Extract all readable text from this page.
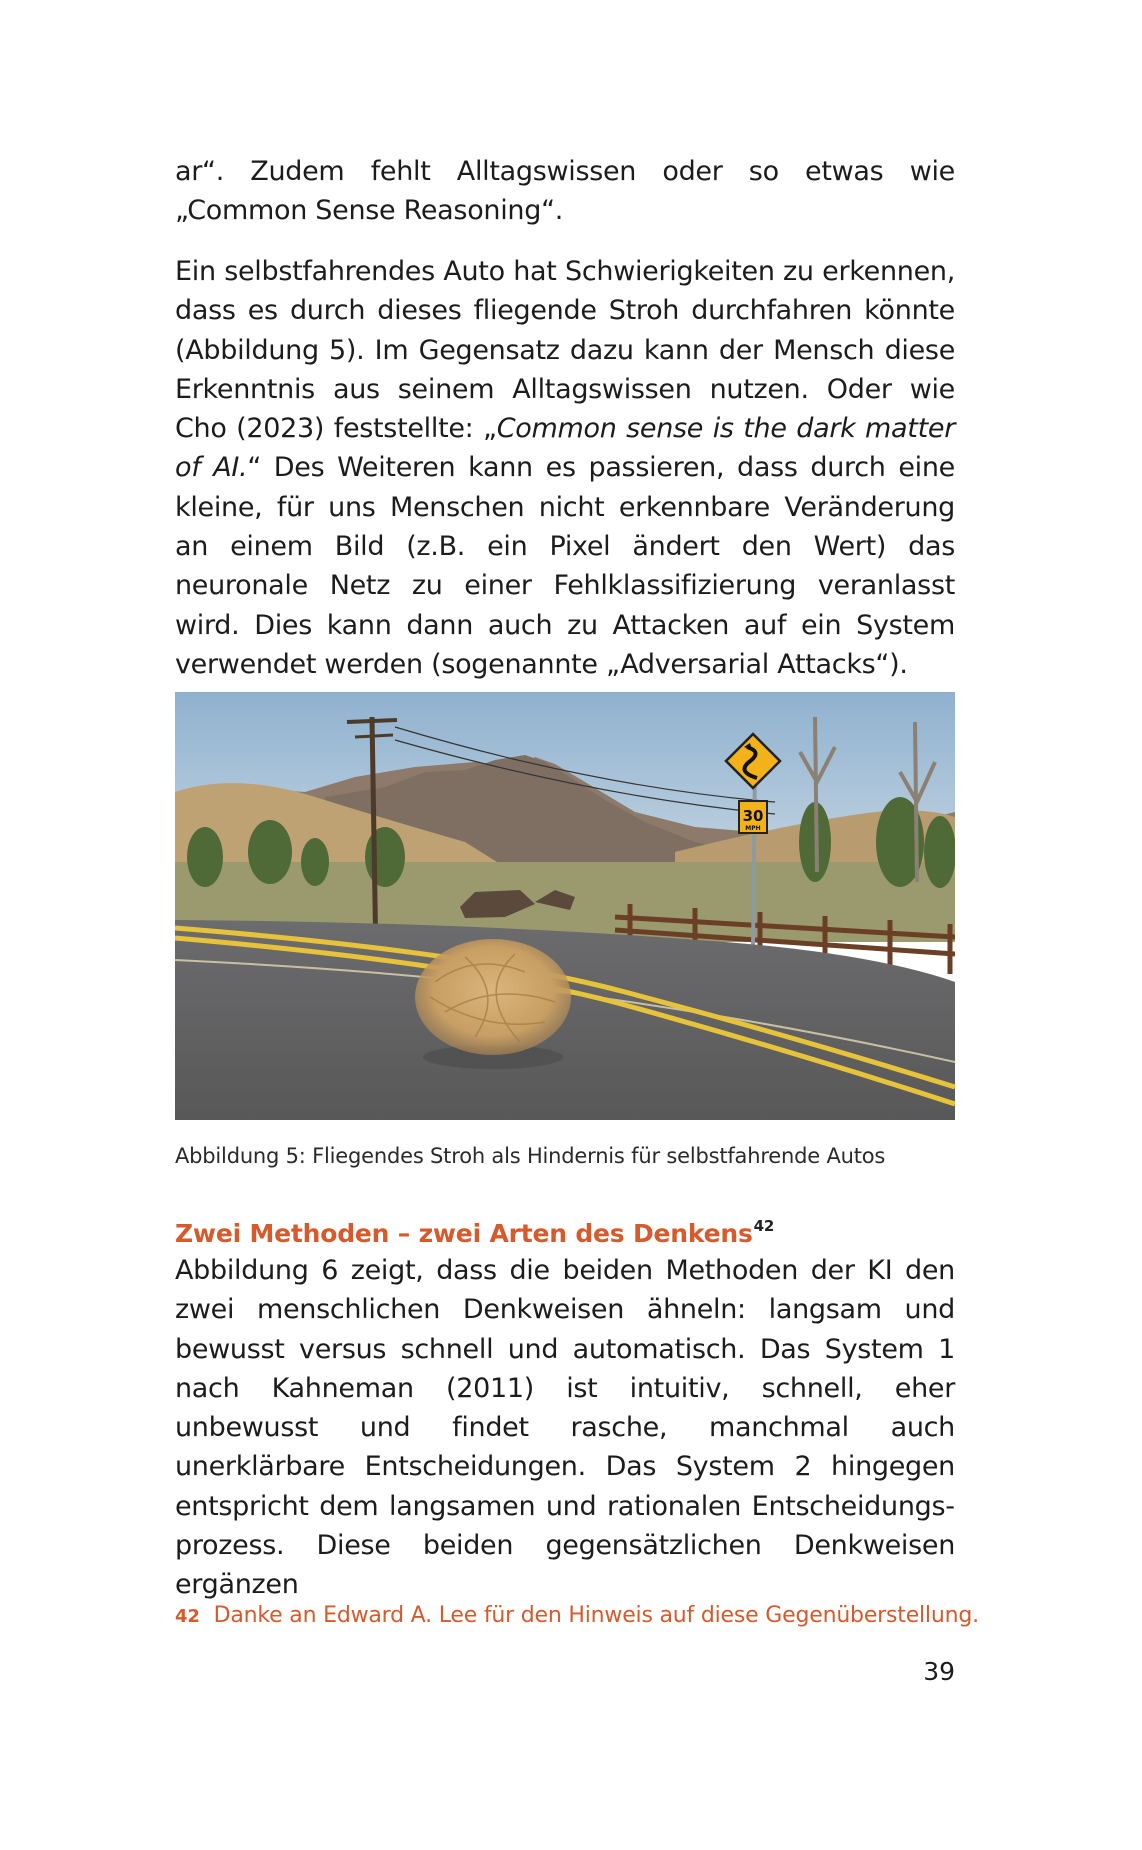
ar“. Zudem fehlt Alltagswissen oder so etwas wie „Common Sense Reasoning“.

Ein selbstfahrendes Auto hat Schwierigkeiten zu erkennen, dass es durch dieses fliegende Stroh durchfahren könnte (Abbildung 5). Im Gegensatz dazu kann der Mensch diese Erkenntnis aus seinem Alltagswissen nutzen. Oder wie Cho (2023) feststellte: „Common sense is the dark matter of AI.“ Des Weiteren kann es passieren, dass durch eine kleine, für uns Menschen nicht erkennbare Veränderung an einem Bild (z.B. ein Pixel ändert den Wert) das neuronale Netz zu einer Fehlklassifizierung veranlasst wird. Dies kann dann auch zu Attacken auf ein System verwendet werden (sogenannte „Adversarial Attacks“).

30
MPH
Abbildung 5: Fliegendes Stroh als Hindernis für selbstfahrende Autos
Zwei Methoden – zwei Arten des Denkens$^{42}$

Abbildung 6 zeigt, dass die beiden Methoden der KI den zwei menschlichen Denkweisen ähneln: langsam und bewusst versus schnell und automatisch. Das System 1 nach Kahneman (2011) ist intuitiv, schnell, eher unbewusst und findet rasche, manchmal auch unerklärbare Entscheidungen. Das System 2 hingegen entspricht dem langsamen und rationalen Entscheidungsprozess. Diese beiden gegensätzlichen Denkweisen ergänzen

42 Danke an Edward A. Lee für den Hinweis auf diese Gegenüberstellung.
39
